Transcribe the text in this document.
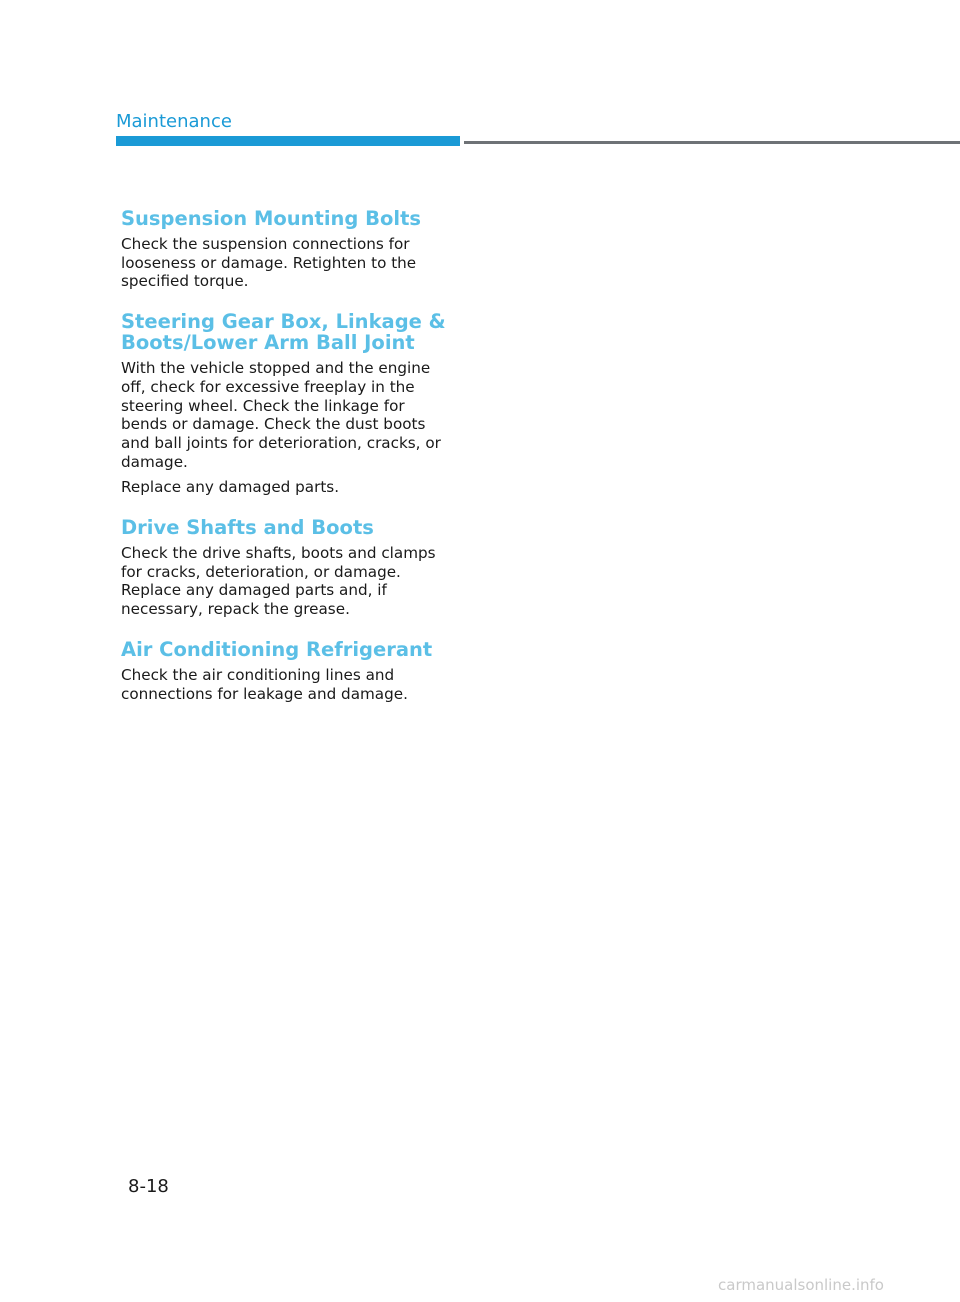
Maintenance
Suspension Mounting Bolts

Check the suspension connections for looseness or damage. Retighten to the specified torque.

Steering Gear Box, Linkage & Boots/Lower Arm Ball Joint

With the vehicle stopped and the engine off, check for excessive freeplay in the steering wheel. Check the linkage for bends or damage. Check the dust boots and ball joints for deterioration, cracks, or damage.

Replace any damaged parts.

Drive Shafts and Boots

Check the drive shafts, boots and clamps for cracks, deterioration, or damage. Replace any damaged parts and, if necessary, repack the grease.

Air Conditioning Refrigerant

Check the air conditioning lines and connections for leakage and damage.

8-18
carmanualsonline.info
